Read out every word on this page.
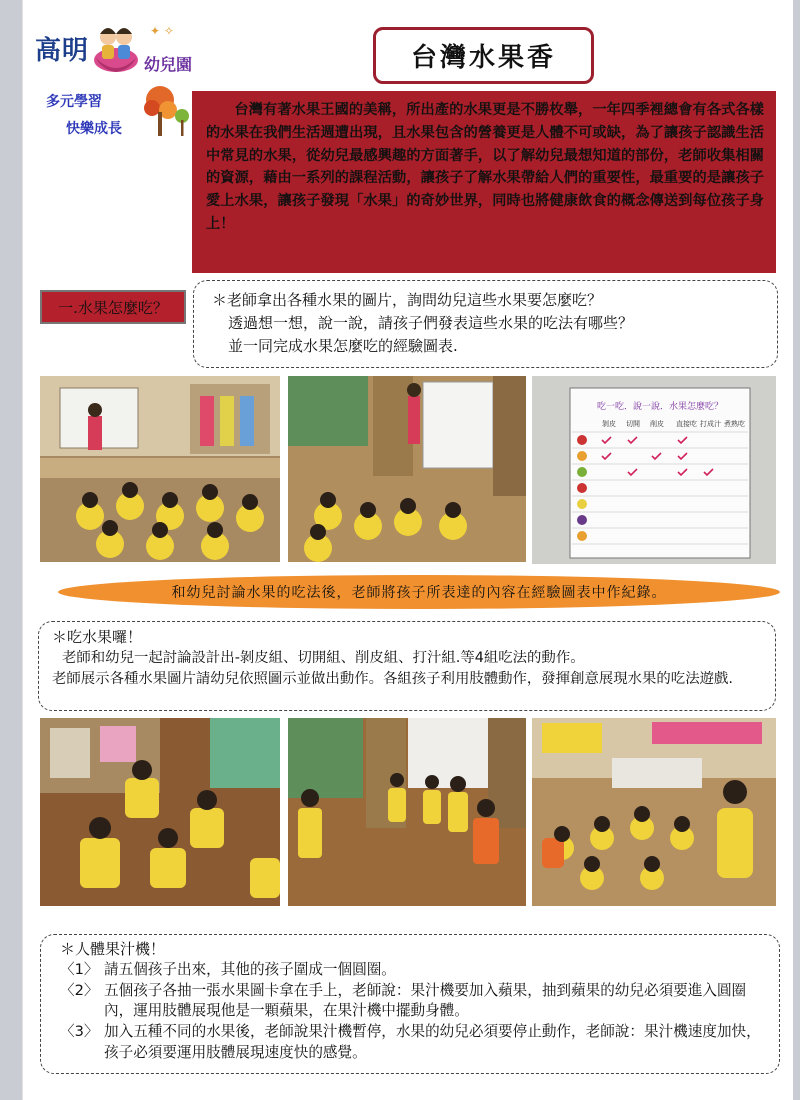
高明
✦ ✧
幼兒園
多元學習
快樂成長
台灣水果香
台灣有著水果王國的美稱，所出產的水果更是不勝枚舉，一年四季裡總會有各式各樣的水果在我們生活週遭出現，且水果包含的營養更是人體不可或缺，為了讓孩子認識生活中常見的水果，從幼兒最感興趣的方面著手，以了解幼兒最想知道的部份，老師收集相關的資源，藉由一系列的課程活動，讓孩子了解水果帶給人們的重要性，最重要的是讓孩子愛上水果，讓孩子發現「水果」的奇妙世界，同時也將健康飲食的概念傳送到每位孩子身上！
一.水果怎麼吃？	＊老師拿出各種水果的圖片，詢問幼兒這些水果要怎麼吃？
透過想一想，說一說，請孩子們發表這些水果的吃法有哪些？
並一同完成水果怎麼吃的經驗圖表.
吃一吃．說一說．水果怎麼吃？
剝皮 切開 削皮 直接吃 打成汁 煮熟吃
和幼兒討論水果的吃法後，老師將孩子所表達的內容在經驗圖表中作紀錄。
＊吃水果囉！
老師和幼兒一起討論設計出-剝皮組、切開組、削皮組、打汁組.等4組吃法的動作。
老師展示各種水果圖片請幼兒依照圖示並做出動作。各組孩子利用肢體動作，發揮創意展現水果的吃法遊戲.
＊人體果汁機！
〈1〉 請五個孩子出來，其他的孩子圍成一個圓圈。
〈2〉 五個孩子各抽一張水果圖卡拿在手上，老師說：果汁機要加入蘋果，抽到蘋果的幼兒必須要進入圓圈內，運用肢體展現他是一顆蘋果，在果汁機中擺動身體。
〈3〉 加入五種不同的水果後，老師說果汁機暫停，水果的幼兒必須要停止動作，老師說：果汁機速度加快，孩子必須要運用肢體展現速度快的感覺。
